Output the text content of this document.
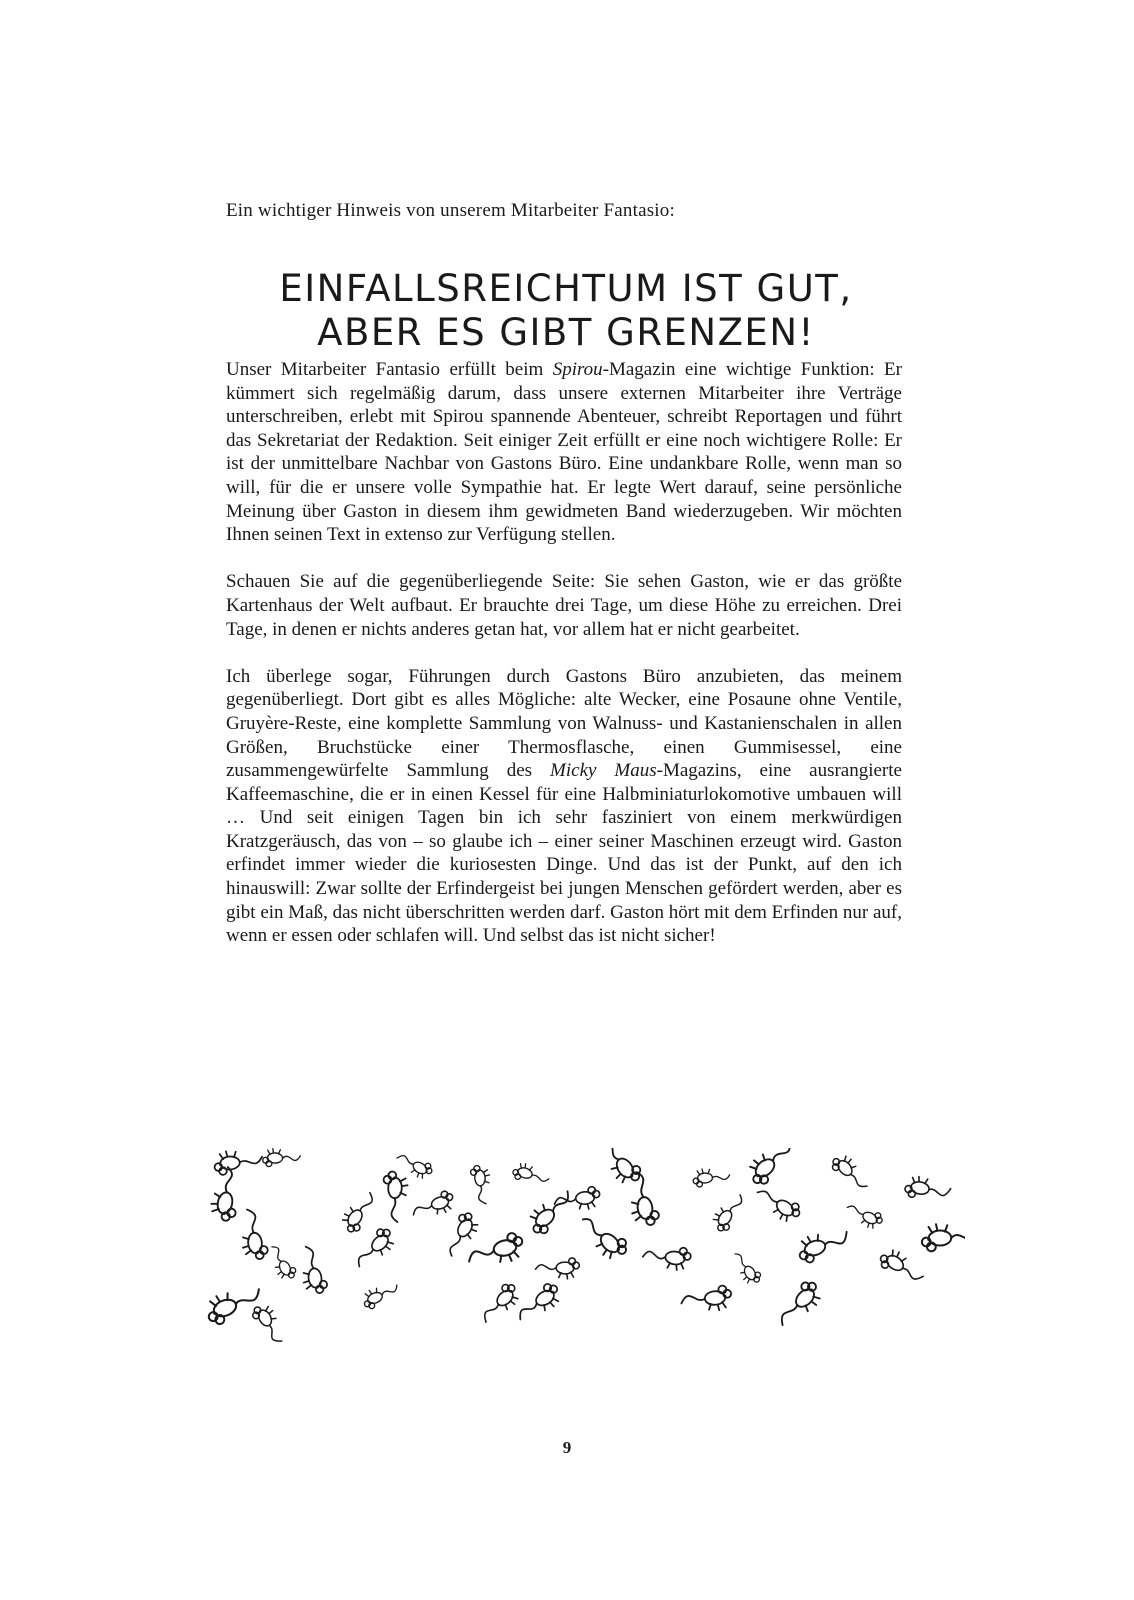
Ein wichtiger Hinweis von unserem Mitarbeiter Fantasio:
EINFALLSREICHTUM IST GUT,
ABER ES GIBT GRENZEN!

Unser Mitarbeiter Fantasio erfüllt beim Spirou-Magazin eine wichtige Funktion: Er kümmert sich regelmäßig darum, dass unsere externen Mitarbeiter ihre Verträge unterschreiben, erlebt mit Spirou spannende Abenteuer, schreibt Reportagen und führt das Sekretariat der Redaktion. Seit einiger Zeit erfüllt er eine noch wichtigere Rolle: Er ist der unmittelbare Nachbar von Gastons Büro. Eine undankbare Rolle, wenn man so will, für die er unsere volle Sympathie hat. Er legte Wert darauf, seine persönliche Meinung über Gaston in diesem ihm gewidmeten Band wiederzugeben. Wir möchten Ihnen seinen Text in extenso zur Verfügung stellen.

Schauen Sie auf die gegenüberliegende Seite: Sie sehen Gaston, wie er das größte Kartenhaus der Welt aufbaut. Er brauchte drei Tage, um diese Höhe zu erreichen. Drei Tage, in denen er nichts anderes getan hat, vor allem hat er nicht gearbeitet.

Ich überlege sogar, Führungen durch Gastons Büro anzubieten, das meinem gegenüberliegt. Dort gibt es alles Mögliche: alte Wecker, eine Posaune ohne Ventile, Gruyère-Reste, eine komplette Sammlung von Walnuss- und Kastanienschalen in allen Größen, Bruchstücke einer Thermosflasche, einen Gummisessel, eine zusammengewürfelte Sammlung des Micky Maus-Magazins, eine ausrangierte Kaffeemaschine, die er in einen Kessel für eine Halbminiaturlokomotive umbauen will … Und seit einigen Tagen bin ich sehr fasziniert von einem merkwürdigen Kratzgeräusch, das von – so glaube ich – einer seiner Maschinen erzeugt wird. Gaston erfindet immer wieder die kuriosesten Dinge. Und das ist der Punkt, auf den ich hinauswill: Zwar sollte der Erfindergeist bei jungen Menschen gefördert werden, aber es gibt ein Maß, das nicht überschritten werden darf. Gaston hört mit dem Erfinden nur auf, wenn er essen oder schlafen will. Und selbst das ist nicht sicher!

9
